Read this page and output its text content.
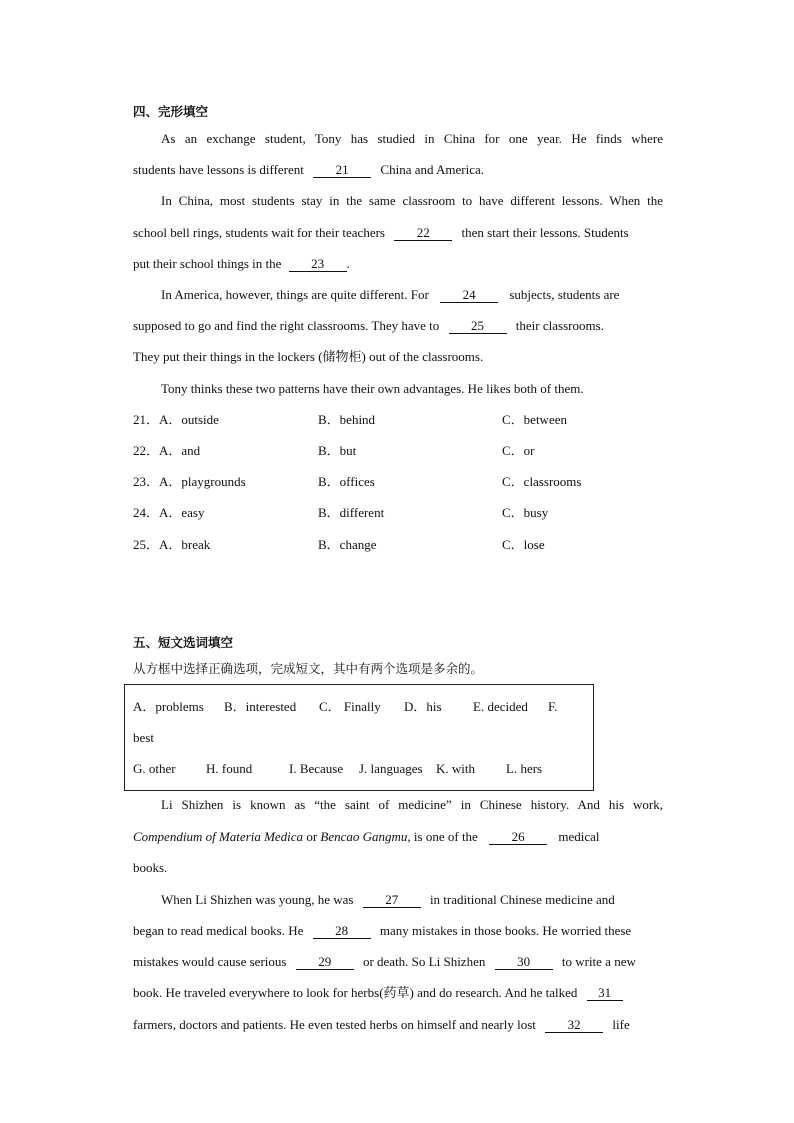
四、完形填空
As an exchange student, Tony has studied in China for one year. He finds where
students have lessons is different 21 China and America.
In China, most students stay in the same classroom to have different lessons. When the
school bell rings, students wait for their teachers 22 then start their lessons. Students
put their school things in the 23 .
In America, however, things are quite different. For	24	subjects, students are
supposed to go and find the right classrooms. They have to 25 their classrooms.
They put their things in the lockers (储物柜) out of the classrooms.
Tony thinks these two patterns have their own advantages. He likes both of them.
21．A．outside	B．behind	C．between
22．A．and	B．but	C．or
23．A．playgrounds	B．offices	C．classrooms
24．A．easy	B．different	C．busy
25．A．break	B．change	C．lose
五、短文选词填空
从方框中选择正确选项，完成短文，其中有两个选项是多余的。
A．problems B．interested C． Finally D．his E. decided F.
best
G. other H. found	I. Because J. languages K. with L. hers
Li Shizhen is known as “the saint of medicine” in Chinese history. And his work,
Compendium of Materia Medica or Bencao Gangmu, is one of the	26	medical
books.
When Li Shizhen was young, he was 27 in traditional Chinese medicine and
began to read medical books. He 28 many mistakes in those books. He worried these
mistakes would cause serious 29 or death. So Li Shizhen 30 to write a new
book. He traveled everywhere to look for herbs(药草) and do research. And he talked 31
farmers, doctors and patients. He even tested herbs on himself and nearly lost 32 life
